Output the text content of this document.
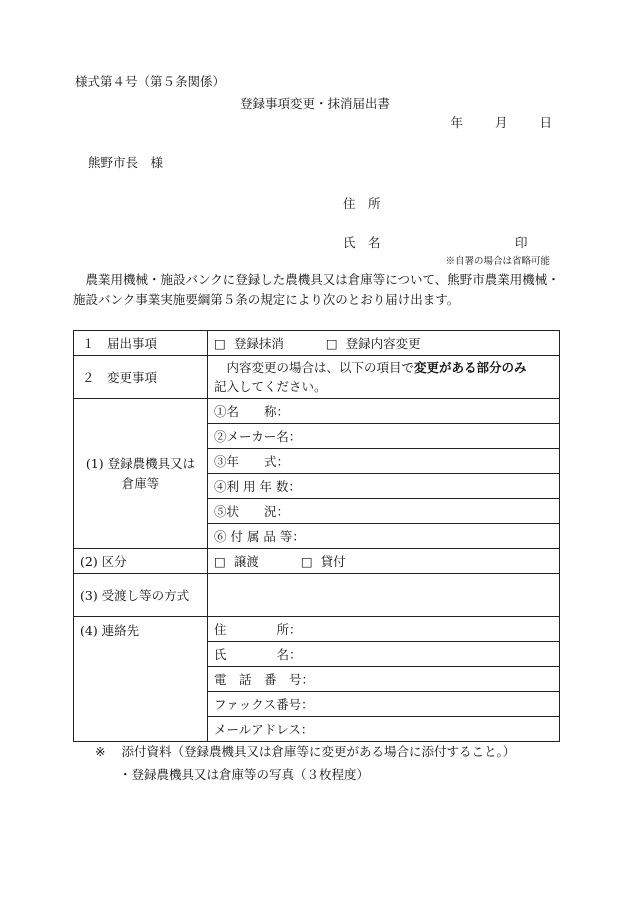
様式第４号（第５条関係）
登録事項変更・抹消届出書
年	月	日
熊野市長　様
住　所
氏　名	印
※自署の場合は省略可能
農業用機械・施設バンクに登録した農機具又は倉庫等について、熊野市農業用機械・施設バンク事業実施要綱第５条の規定により次のとおり届け出ます。
１　届出事項	□ 登録抹消 □ 登録内容変更
２　変更事項	　内容変更の場合は、以下の項目で変更がある部分のみ
記入してください。
(1) 登録農機具又は倉庫等	①名　　称：
	②メーカー名：
	③年　　式：
	④利 用 年 数：
	⑤状　　況：
	⑥ 付 属 品 等：
(2) 区分	□ 譲渡 □ 貸付
(3) 受渡し等の方式	
(4) 連絡先	住　　　　所：
	氏　　　　名：
	電　話　番　号：
	ファックス番号：
	メールアドレス：
※ 添付資料（登録農機具又は倉庫等に変更がある場合に添付すること。）
・登録農機具又は倉庫等の写真（３枚程度）
